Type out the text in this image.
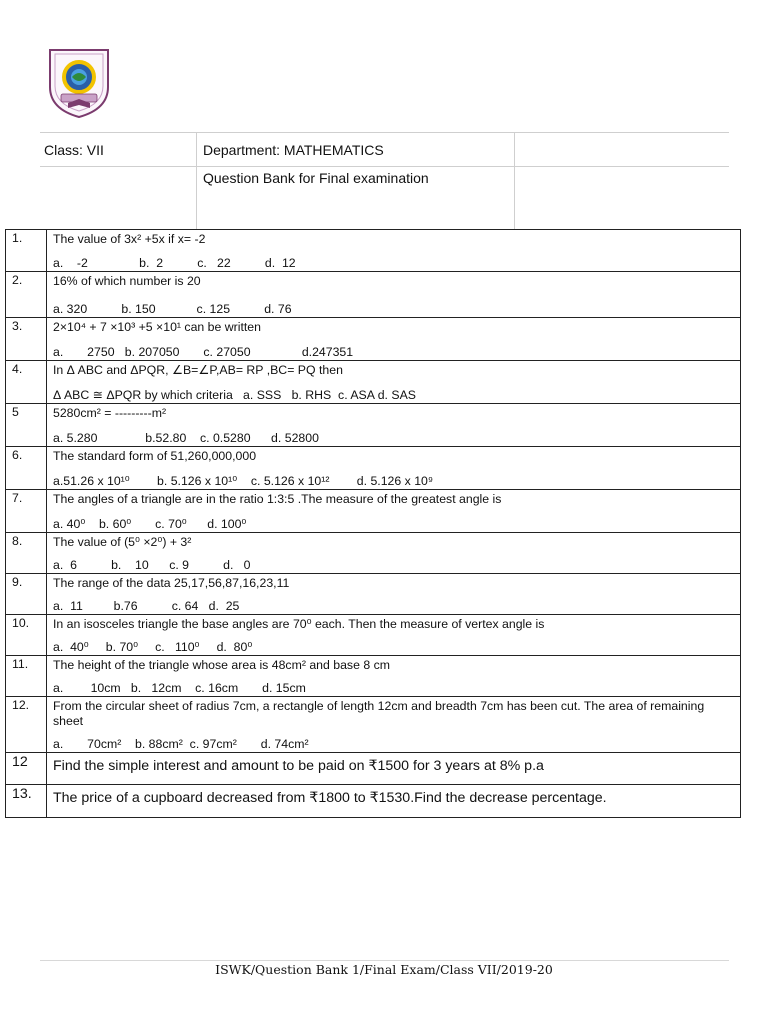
Class: VII	Department: MATHEMATICS
Question Bank for Final examination
1.	The value of 3x² +5x if x= -2
a.    -2               b.  2          c.   22          d.  12

2.	16% of which number is 20
a. 320          b. 150            c. 125          d. 76

3.	2×10⁴ + 7 ×10³ +5 ×10¹ can be written
a.       2750   b. 207050       c. 27050               d.247351

4.	In Δ ABC and ΔPQR, ∠B=∠P,AB= RP ,BC= PQ then
Δ ABC ≅ ΔPQR by which criteria   a. SSS   b. RHS  c. ASA d. SAS

5	5280cm² = ---------m²
a. 5.280              b.52.80    c. 0.5280      d. 52800

6.	The standard form of 51,260,000,000
a.51.26 x 10¹⁰        b. 5.126 x 10¹⁰    c. 5.126 x 10¹²        d. 5.126 x 10⁹

7.	The angles of a triangle are in the ratio 1:3:5 .The measure of the greatest angle is
a. 40⁰    b. 60⁰       c. 70⁰      d. 100⁰

8.	The value of (5⁰ ×2⁰) + 3²
a.  6          b.    10      c. 9          d.   0

9.	The range of the data 25,17,56,87,16,23,11
a.  11         b.76          c. 64   d.  25

10.	In an isosceles triangle the base angles are 70⁰ each. Then the measure of vertex angle is
a.  40⁰     b. 70⁰     c.   110⁰     d.  80⁰

11.	The height of the triangle whose area is 48cm² and base 8 cm
a.        10cm   b.   12cm    c. 16cm       d. 15cm

12.	From the circular sheet of radius 7cm, a rectangle of length 12cm and breadth 7cm has been cut. The area of remaining sheet
a.       70cm²    b. 88cm²  c. 97cm²       d. 74cm²

12	Find the simple interest and amount to be paid on ₹1500 for 3 years at 8% p.a

13.	The price of a cupboard decreased from ₹1800 to ₹1530.Find the decrease percentage.
ISWK/Question Bank 1/Final Exam/Class VII/2019-20
